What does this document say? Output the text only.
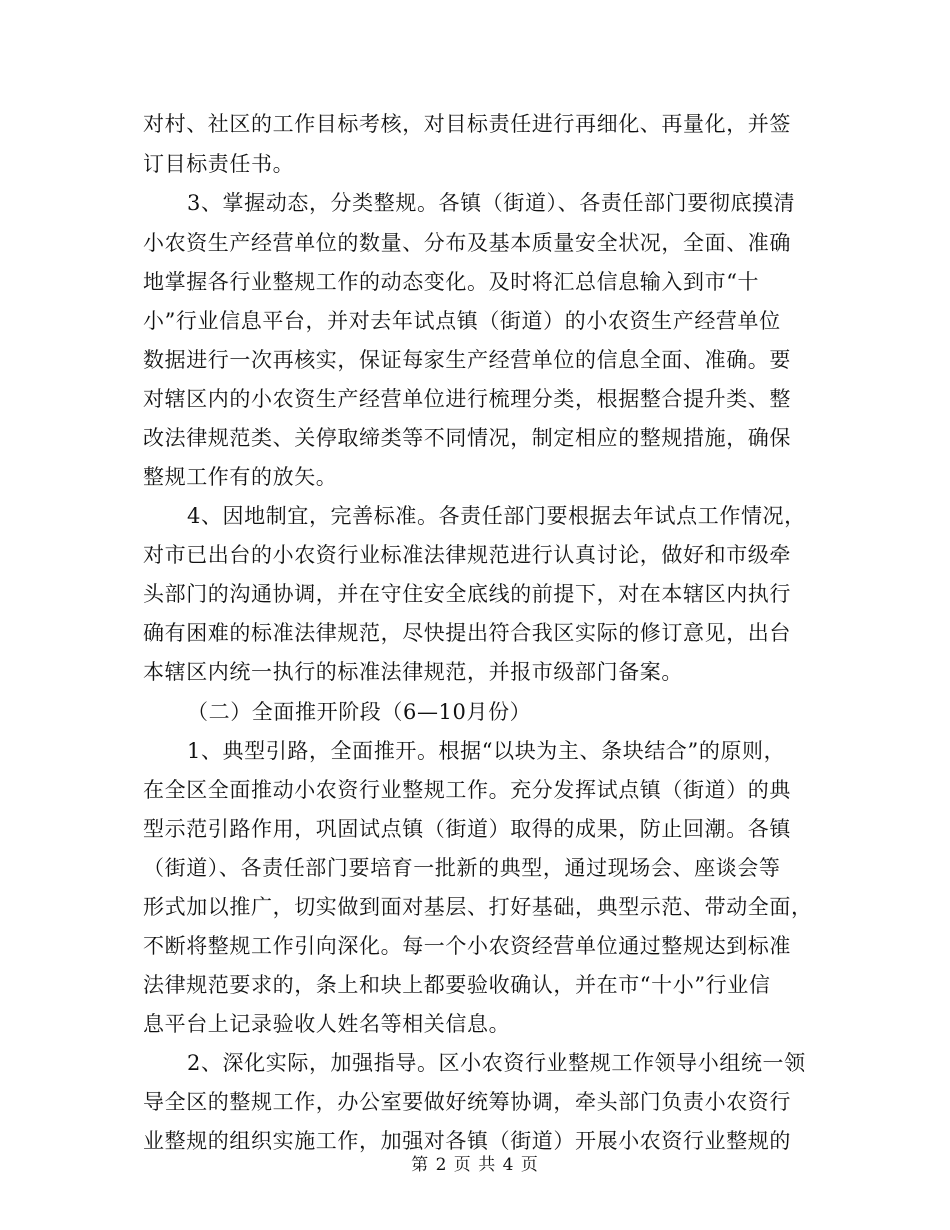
对村、社区的工作目标考核，对目标责任进行再细化、再量化，并签
订目标责任书。
3、掌握动态，分类整规。各镇（街道）、各责任部门要彻底摸清
小农资生产经营单位的数量、分布及基本质量安全状况，全面、准确
地掌握各行业整规工作的动态变化。及时将汇总信息输入到市“十
小”行业信息平台，并对去年试点镇（街道）的小农资生产经营单位
数据进行一次再核实，保证每家生产经营单位的信息全面、准确。要
对辖区内的小农资生产经营单位进行梳理分类，根据整合提升类、整
改法律规范类、关停取缔类等不同情况，制定相应的整规措施，确保
整规工作有的放矢。
4、因地制宜，完善标准。各责任部门要根据去年试点工作情况，
对市已出台的小农资行业标准法律规范进行认真讨论，做好和市级牵
头部门的沟通协调，并在守住安全底线的前提下，对在本辖区内执行
确有困难的标准法律规范，尽快提出符合我区实际的修订意见，出台
本辖区内统一执行的标准法律规范，并报市级部门备案。
（二）全面推开阶段（6—10月份）
1、典型引路，全面推开。根据“以块为主、条块结合”的原则，
在全区全面推动小农资行业整规工作。充分发挥试点镇（街道）的典
型示范引路作用，巩固试点镇（街道）取得的成果，防止回潮。各镇
（街道）、各责任部门要培育一批新的典型，通过现场会、座谈会等
形式加以推广，切实做到面对基层、打好基础，典型示范、带动全面，
不断将整规工作引向深化。每一个小农资经营单位通过整规达到标准
法律规范要求的，条上和块上都要验收确认，并在市“十小”行业信
息平台上记录验收人姓名等相关信息。
2、深化实际，加强指导。区小农资行业整规工作领导小组统一领
导全区的整规工作，办公室要做好统筹协调，牵头部门负责小农资行
业整规的组织实施工作，加强对各镇（街道）开展小农资行业整规的
第 2 页 共 4 页
